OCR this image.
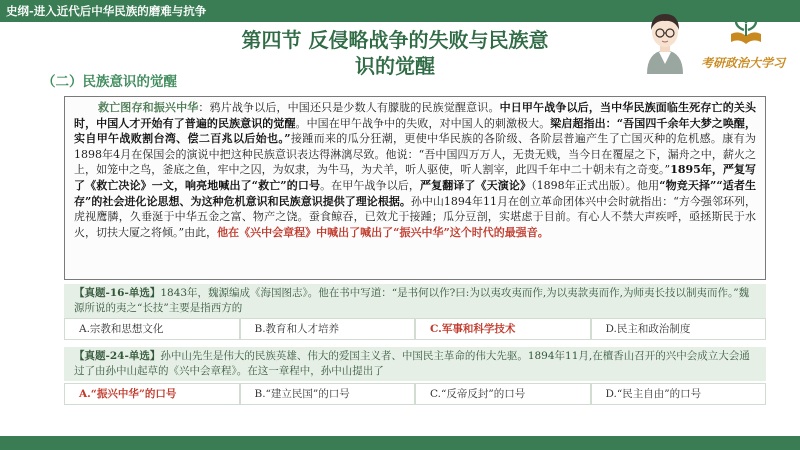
史纲-进入近代后中华民族的磨难与抗争
第四节 反侵略战争的失败与民族意
识的觉醒
（二）民族意识的觉醒
考研政治大学习

救亡图存和振兴中华：鸦片战争以后，中国还只是少数人有朦胧的民族觉醒意识。中日甲午战争以后，当中华民族面临生死存亡的关头时，中国人才开始有了普遍的民族意识的觉醒。中国在甲午战争中的失败，对中国人的刺激极大。梁启超指出：“吾国四千余年大梦之唤醒，实自甲午战败割台湾、偿二百兆以后始也。”接踵而来的瓜分狂潮，更使中华民族的各阶级、各阶层普遍产生了亡国灭种的危机感。康有为1898年4月在保国会的演说中把这种民族意识表达得淋漓尽致。他说：“吾中国四万万人，无贵无贱，当今日在覆屋之下，漏舟之中，薪火之上，如笼中之鸟，釜底之鱼，牢中之囚，为奴隶，为牛马，为犬羊，听人驱使，听人割宰，此四千年中二十朝未有之奇变。”1895年，严复写了《救亡决论》一文，响亮地喊出了“救亡”的口号。在甲午战争以后，严复翻译了《天演论》（1898年正式出版）。他用“物竞天择”“适者生存”的社会进化论思想、为这种危机意识和民族意识提供了理论根据。孙中山1894年11月在创立革命团体兴中会时就指出：“方今强邻环列，虎视鹰膦，久垂涎于中华五金之富、物产之饶。蚕食鲸吞，已效尤于接踵；瓜分豆剖，实堪虑于目前。有心人不禁大声疾呼，亟拯斯民于水火，切扶大厦之将倾。”由此，他在《兴中会章程》中喊出了喊出了“振兴中华”这个时代的最强音。

【真题-16-单选】1843年，魏源编成《海国图志》。他在书中写道：“是书何以作?曰:为以夷攻夷而作,为以夷款夷而作,为师夷长技以制夷而作。”魏源所说的夷之“长技”主要是指西方的
A.宗教和思想文化	B.教育和人才培养	C.军事和科学技术	D.民主和政治制度
【真题-24-单选】孙中山先生是伟大的民族英雄、伟大的爱国主义者、中国民主革命的伟大先驱。1894年11月,在檀香山召开的兴中会成立大会通过了由孙中山起草的《兴中会章程》。在这一章程中，孙中山提出了
A.“振兴中华”的口号	B.“建立民国”的口号	C.“反帝反封”的口号	D.“民主自由”的口号
